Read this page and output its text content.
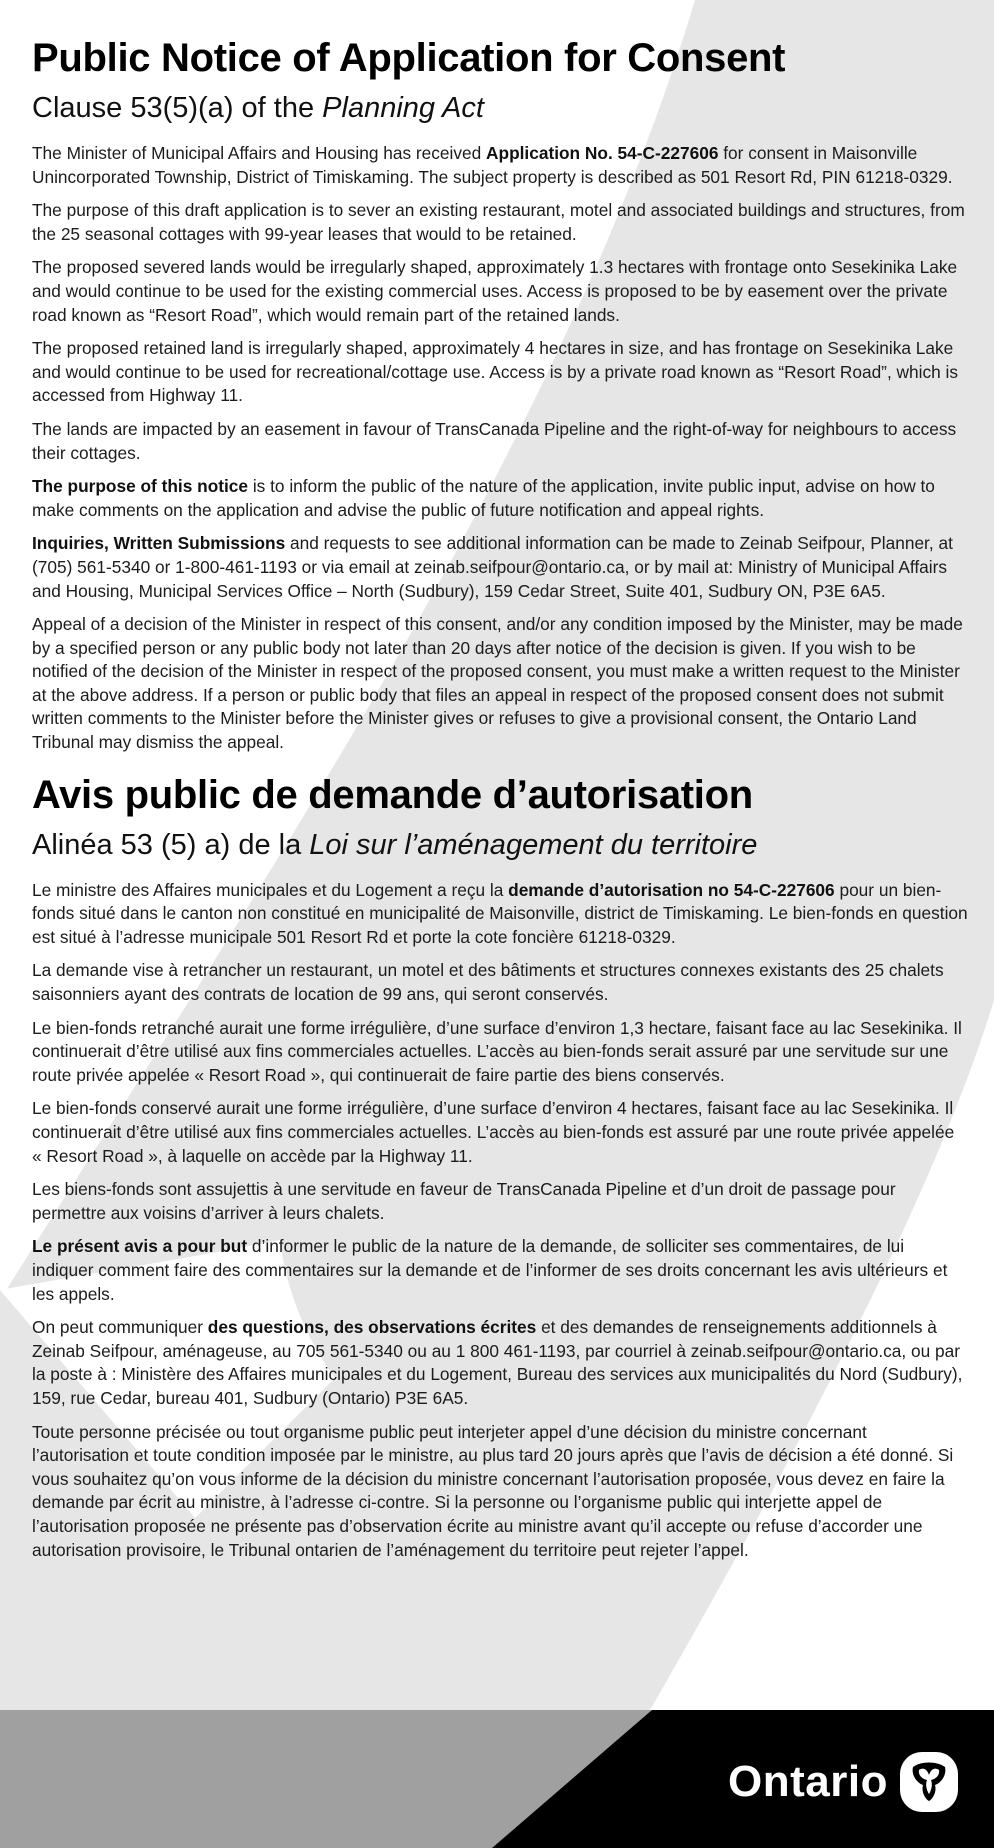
Public Notice of Application for Consent
Clause 53(5)(a) of the Planning Act

The Minister of Municipal Affairs and Housing has received Application No. 54-C-227606 for consent in Maisonville Unincorporated Township, District of Timiskaming. The subject property is described as 501 Resort Rd, PIN 61218-0329.

The purpose of this draft application is to sever an existing restaurant, motel and associated buildings and structures, from the 25 seasonal cottages with 99-year leases that would to be retained.

The proposed severed lands would be irregularly shaped, approximately 1.3 hectares with frontage onto Sesekinika Lake and would continue to be used for the existing commercial uses. Access is proposed to be by easement over the private road known as “Resort Road”, which would remain part of the retained lands.

The proposed retained land is irregularly shaped, approximately 4 hectares in size, and has frontage on Sesekinika Lake and would continue to be used for recreational/cottage use. Access is by a private road known as “Resort Road”, which is accessed from Highway 11.

The lands are impacted by an easement in favour of TransCanada Pipeline and the right-of-way for neighbours to access their cottages.

The purpose of this notice is to inform the public of the nature of the application, invite public input, advise on how to make comments on the application and advise the public of future notification and appeal rights.

Inquiries, Written Submissions and requests to see additional information can be made to Zeinab Seifpour, Planner, at (705) 561-5340 or 1-800-461-1193 or via email at zeinab.seifpour@ontario.ca, or by mail at: Ministry of Municipal Affairs and Housing, Municipal Services Office – North (Sudbury), 159 Cedar Street, Suite 401, Sudbury ON, P3E 6A5.

Appeal of a decision of the Minister in respect of this consent, and/or any condition imposed by the Minister, may be made by a specified person or any public body not later than 20 days after notice of the decision is given. If you wish to be notified of the decision of the Minister in respect of the proposed consent, you must make a written request to the Minister at the above address. If a person or public body that files an appeal in respect of the proposed consent does not submit written comments to the Minister before the Minister gives or refuses to give a provisional consent, the Ontario Land Tribunal may dismiss the appeal.

Avis public de demande d’autorisation
Alinéa 53 (5) a) de la Loi sur l’aménagement du territoire

Le ministre des Affaires municipales et du Logement a reçu la demande d’autorisation no 54-C-227606 pour un bien-fonds situé dans le canton non constitué en municipalité de Maisonville, district de Timiskaming. Le bien-fonds en question est situé à l’adresse municipale 501 Resort Rd et porte la cote foncière 61218-0329.

La demande vise à retrancher un restaurant, un motel et des bâtiments et structures connexes existants des 25 chalets saisonniers ayant des contrats de location de 99 ans, qui seront conservés.

Le bien-fonds retranché aurait une forme irrégulière, d’une surface d’environ 1,3 hectare, faisant face au lac Sesekinika. Il continuerait d’être utilisé aux fins commerciales actuelles. L’accès au bien-fonds serait assuré par une servitude sur une route privée appelée « Resort Road », qui continuerait de faire partie des biens conservés.

Le bien-fonds conservé aurait une forme irrégulière, d’une surface d’environ 4 hectares, faisant face au lac Sesekinika. Il continuerait d’être utilisé aux fins commerciales actuelles. L’accès au bien-fonds est assuré par une route privée appelée « Resort Road », à laquelle on accède par la Highway 11.

Les biens-fonds sont assujettis à une servitude en faveur de TransCanada Pipeline et d’un droit de passage pour permettre aux voisins d’arriver à leurs chalets.

Le présent avis a pour but d’informer le public de la nature de la demande, de solliciter ses commentaires, de lui indiquer comment faire des commentaires sur la demande et de l’informer de ses droits concernant les avis ultérieurs et les appels.

On peut communiquer des questions, des observations écrites et des demandes de renseignements additionnels à Zeinab Seifpour, aménageuse, au 705 561-5340 ou au 1 800 461-1193, par courriel à zeinab.seifpour@ontario.ca, ou par la poste à : Ministère des Affaires municipales et du Logement, Bureau des services aux municipalités du Nord (Sudbury), 159, rue Cedar, bureau 401, Sudbury (Ontario) P3E 6A5.

Toute personne précisée ou tout organisme public peut interjeter appel d’une décision du ministre concernant l’autorisation et toute condition imposée par le ministre, au plus tard 20 jours après que l’avis de décision a été donné. Si vous souhaitez qu’on vous informe de la décision du ministre concernant l’autorisation proposée, vous devez en faire la demande par écrit au ministre, à l’adresse ci-contre. Si la personne ou l’organisme public qui interjette appel de l’autorisation proposée ne présente pas d’observation écrite au ministre avant qu’il accepte ou refuse d’accorder une autorisation provisoire, le Tribunal ontarien de l’aménagement du territoire peut rejeter l’appel.

Ontario
